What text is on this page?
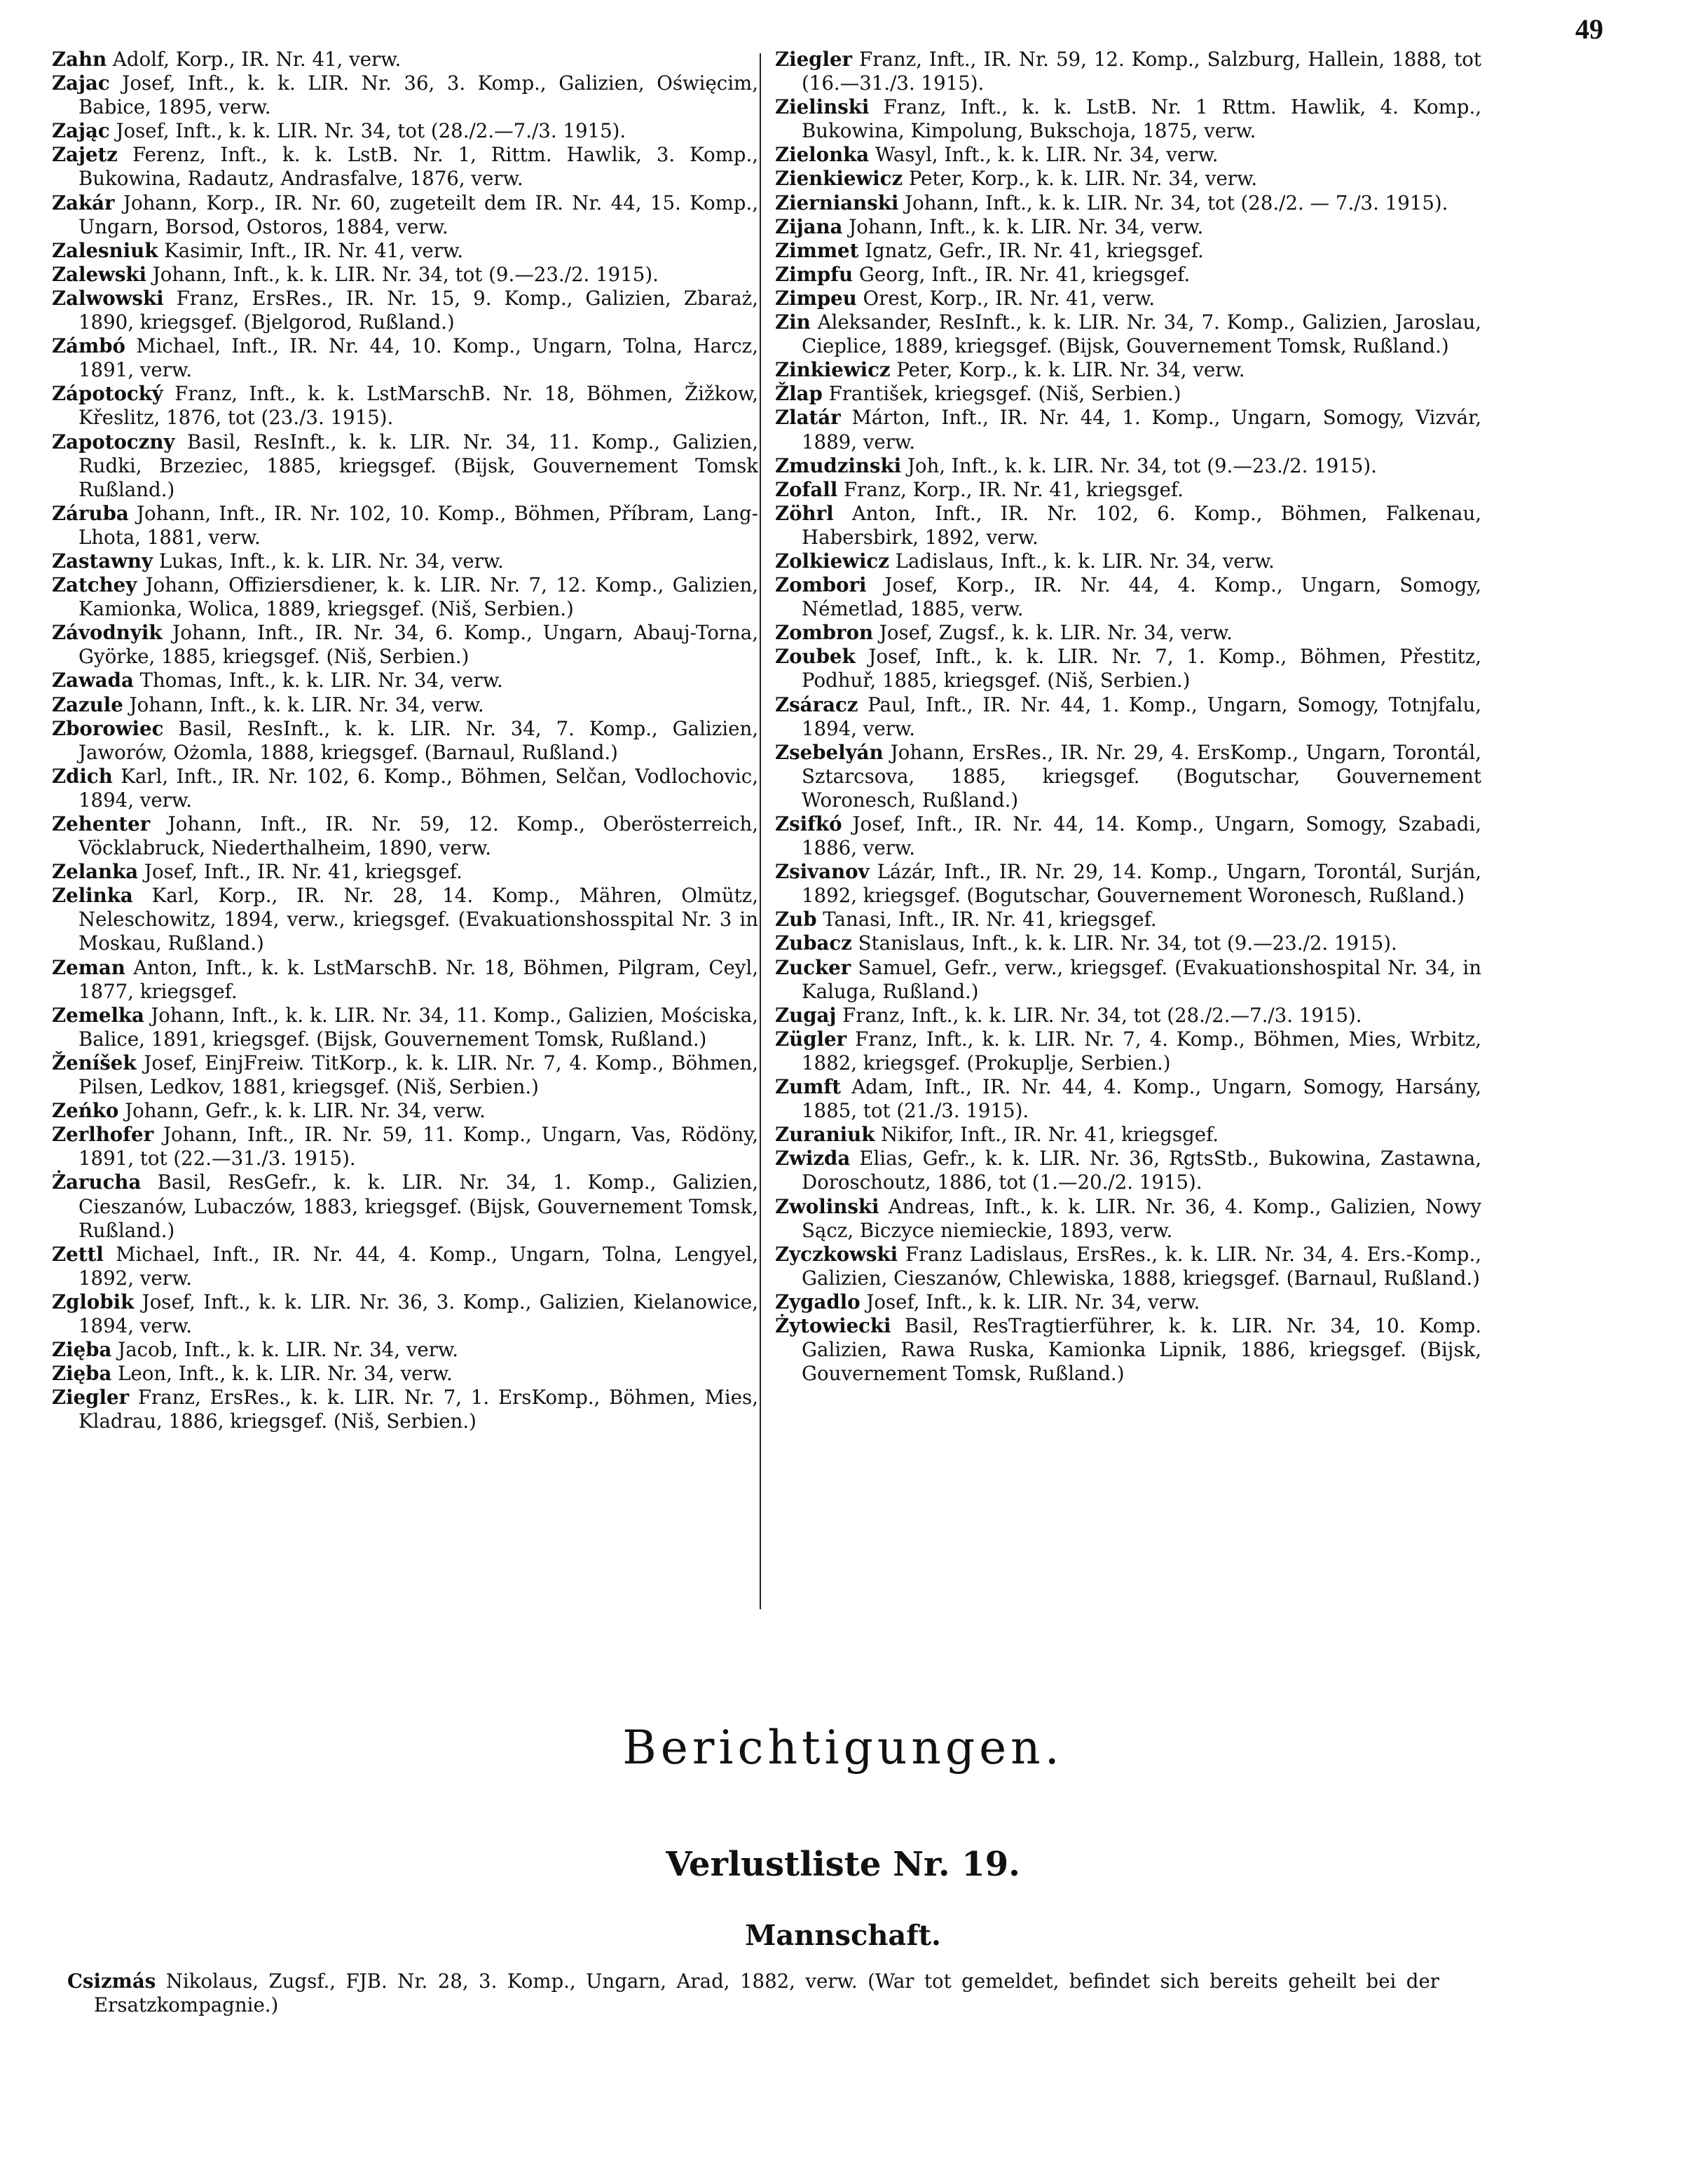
49

Zahn Adolf, Korp., IR. Nr. 41, verw.

Zajac Josef, Inft., k. k. LIR. Nr. 36, 3. Komp., Galizien, Oświęcim, Babice, 1895, verw.

Zając Josef, Inft., k. k. LIR. Nr. 34, tot (28./2.—7./3. 1915).

Zajetz Ferenz, Inft., k. k. LstB. Nr. 1, Rittm. Hawlik, 3. Komp., Bukowina, Radautz, Andrasfalve, 1876, verw.

Zakár Johann, Korp., IR. Nr. 60, zugeteilt dem IR. Nr. 44, 15. Komp., Ungarn, Borsod, Ostoros, 1884, verw.

Zalesniuk Kasimir, Inft., IR. Nr. 41, verw.

Zalewski Johann, Inft., k. k. LIR. Nr. 34, tot (9.—23./2. 1915).

Zalwowski Franz, ErsRes., IR. Nr. 15, 9. Komp., Galizien, Zbaraż, 1890, kriegsgef. (Bjelgorod, Rußland.)

Zámbó Michael, Inft., IR. Nr. 44, 10. Komp., Ungarn, Tolna, Harcz, 1891, verw.

Zápotocký Franz, Inft., k. k. LstMarschB. Nr. 18, Böhmen, Žižkow, Křeslitz, 1876, tot (23./3. 1915).

Zapotoczny Basil, ResInft., k. k. LIR. Nr. 34, 11. Komp., Galizien, Rudki, Brzeziec, 1885, kriegsgef. (Bijsk, Gouvernement Tomsk Rußland.)

Záruba Johann, Inft., IR. Nr. 102, 10. Komp., Böhmen, Příbram, Lang-Lhota, 1881, verw.

Zastawny Lukas, Inft., k. k. LIR. Nr. 34, verw.

Zatchey Johann, Offiziersdiener, k. k. LIR. Nr. 7, 12. Komp., Galizien, Kamionka, Wolica, 1889, kriegsgef. (Niš, Serbien.)

Závodnyik Johann, Inft., IR. Nr. 34, 6. Komp., Ungarn, Abauj-Torna, Györke, 1885, kriegsgef. (Niš, Serbien.)

Zawada Thomas, Inft., k. k. LIR. Nr. 34, verw.

Zazule Johann, Inft., k. k. LIR. Nr. 34, verw.

Zborowiec Basil, ResInft., k. k. LIR. Nr. 34, 7. Komp., Galizien, Jaworów, Ożomla, 1888, kriegsgef. (Barnaul, Rußland.)

Zdich Karl, Inft., IR. Nr. 102, 6. Komp., Böhmen, Selčan, Vodlochovic, 1894, verw.

Zehenter Johann, Inft., IR. Nr. 59, 12. Komp., Oberösterreich, Vöcklabruck, Niederthalheim, 1890, verw.

Zelanka Josef, Inft., IR. Nr. 41, kriegsgef.

Zelinka Karl, Korp., IR. Nr. 28, 14. Komp., Mähren, Olmütz, Neleschowitz, 1894, verw., kriegsgef. (Evakuationshosspital Nr. 3 in Moskau, Rußland.)

Zeman Anton, Inft., k. k. LstMarschB. Nr. 18, Böhmen, Pilgram, Ceyl, 1877, kriegsgef.

Zemelka Johann, Inft., k. k. LIR. Nr. 34, 11. Komp., Galizien, Mościska, Balice, 1891, kriegsgef. (Bijsk, Gouvernement Tomsk, Rußland.)

Ženíšek Josef, EinjFreiw. TitKorp., k. k. LIR. Nr. 7, 4. Komp., Böhmen, Pilsen, Ledkov, 1881, kriegsgef. (Niš, Serbien.)

Zeńko Johann, Gefr., k. k. LIR. Nr. 34, verw.

Zerlhofer Johann, Inft., IR. Nr. 59, 11. Komp., Ungarn, Vas, Rödöny, 1891, tot (22.—31./3. 1915).

Żarucha Basil, ResGefr., k. k. LIR. Nr. 34, 1. Komp., Galizien, Cieszanów, Lubaczów, 1883, kriegsgef. (Bijsk, Gouvernement Tomsk, Rußland.)

Zettl Michael, Inft., IR. Nr. 44, 4. Komp., Ungarn, Tolna, Lengyel, 1892, verw.

Zglobik Josef, Inft., k. k. LIR. Nr. 36, 3. Komp., Galizien, Kielanowice, 1894, verw.

Zięba Jacob, Inft., k. k. LIR. Nr. 34, verw.

Zięba Leon, Inft., k. k. LIR. Nr. 34, verw.

Ziegler Franz, ErsRes., k. k. LIR. Nr. 7, 1. ErsKomp., Böhmen, Mies, Kladrau, 1886, kriegsgef. (Niš, Serbien.)

Ziegler Franz, Inft., IR. Nr. 59, 12. Komp., Salzburg, Hallein, 1888, tot (16.—31./3. 1915).

Zielinski Franz, Inft., k. k. LstB. Nr. 1 Rttm. Hawlik, 4. Komp., Bukowina, Kimpolung, Bukschoja, 1875, verw.

Zielonka Wasyl, Inft., k. k. LIR. Nr. 34, verw.

Zienkiewicz Peter, Korp., k. k. LIR. Nr. 34, verw.

Ziernianski Johann, Inft., k. k. LIR. Nr. 34, tot (28./2. — 7./3. 1915).

Zijana Johann, Inft., k. k. LIR. Nr. 34, verw.

Zimmet Ignatz, Gefr., IR. Nr. 41, kriegsgef.

Zimpfu Georg, Inft., IR. Nr. 41, kriegsgef.

Zimpeu Orest, Korp., IR. Nr. 41, verw.

Zin Aleksander, ResInft., k. k. LIR. Nr. 34, 7. Komp., Galizien, Jaroslau, Cieplice, 1889, kriegsgef. (Bijsk, Gouvernement Tomsk, Rußland.)

Zinkiewicz Peter, Korp., k. k. LIR. Nr. 34, verw.

Žlap František, kriegsgef. (Niš, Serbien.)

Zlatár Márton, Inft., IR. Nr. 44, 1. Komp., Ungarn, Somogy, Vizvár, 1889, verw.

Zmudzinski Joh, Inft., k. k. LIR. Nr. 34, tot (9.—23./2. 1915).

Zofall Franz, Korp., IR. Nr. 41, kriegsgef.

Zöhrl Anton, Inft., IR. Nr. 102, 6. Komp., Böhmen, Falkenau, Habersbirk, 1892, verw.

Zolkiewicz Ladislaus, Inft., k. k. LIR. Nr. 34, verw.

Zombori Josef, Korp., IR. Nr. 44, 4. Komp., Ungarn, Somogy, Németlad, 1885, verw.

Zombron Josef, Zugsf., k. k. LIR. Nr. 34, verw.

Zoubek Josef, Inft., k. k. LIR. Nr. 7, 1. Komp., Böhmen, Přestitz, Podhuř, 1885, kriegsgef. (Niš, Serbien.)

Zsáracz Paul, Inft., IR. Nr. 44, 1. Komp., Ungarn, Somogy, Totnjfalu, 1894, verw.

Zsebelyán Johann, ErsRes., IR. Nr. 29, 4. ErsKomp., Ungarn, Torontál, Sztarcsova, 1885, kriegsgef. (Bogutschar, Gouvernement Woronesch, Rußland.)

Zsifkó Josef, Inft., IR. Nr. 44, 14. Komp., Ungarn, Somogy, Szabadi, 1886, verw.

Zsivanov Lázár, Inft., IR. Nr. 29, 14. Komp., Ungarn, Torontál, Surján, 1892, kriegsgef. (Bogutschar, Gouvernement Woronesch, Rußland.)

Zub Tanasi, Inft., IR. Nr. 41, kriegsgef.

Zubacz Stanislaus, Inft., k. k. LIR. Nr. 34, tot (9.—23./2. 1915).

Zucker Samuel, Gefr., verw., kriegsgef. (Evakuationshospital Nr. 34, in Kaluga, Rußland.)

Zugaj Franz, Inft., k. k. LIR. Nr. 34, tot (28./2.—7./3. 1915).

Zügler Franz, Inft., k. k. LIR. Nr. 7, 4. Komp., Böhmen, Mies, Wrbitz, 1882, kriegsgef. (Prokuplje, Serbien.)

Zumft Adam, Inft., IR. Nr. 44, 4. Komp., Ungarn, Somogy, Harsány, 1885, tot (21./3. 1915).

Zuraniuk Nikifor, Inft., IR. Nr. 41, kriegsgef.

Zwizda Elias, Gefr., k. k. LIR. Nr. 36, RgtsStb., Bukowina, Zastawna, Doroschoutz, 1886, tot (1.—20./2. 1915).

Zwolinski Andreas, Inft., k. k. LIR. Nr. 36, 4. Komp., Galizien, Nowy Sącz, Biczyce niemieckie, 1893, verw.

Zyczkowski Franz Ladislaus, ErsRes., k. k. LIR. Nr. 34, 4. Ers.-Komp., Galizien, Cieszanów, Chlewiska, 1888, kriegsgef. (Barnaul, Rußland.)

Zygadlo Josef, Inft., k. k. LIR. Nr. 34, verw.

Żytowiecki Basil, ResTragtierführer, k. k. LIR. Nr. 34, 10. Komp. Galizien, Rawa Ruska, Kamionka Lipnik, 1886, kriegsgef. (Bijsk, Gouvernement Tomsk, Rußland.)

Berichtigungen.
Verlustliste Nr. 19.
Mannschaft.

Csizmás Nikolaus, Zugsf., FJB. Nr. 28, 3. Komp., Ungarn, Arad, 1882, verw. (War tot gemeldet, befindet sich bereits geheilt bei der Ersatzkompagnie.)
